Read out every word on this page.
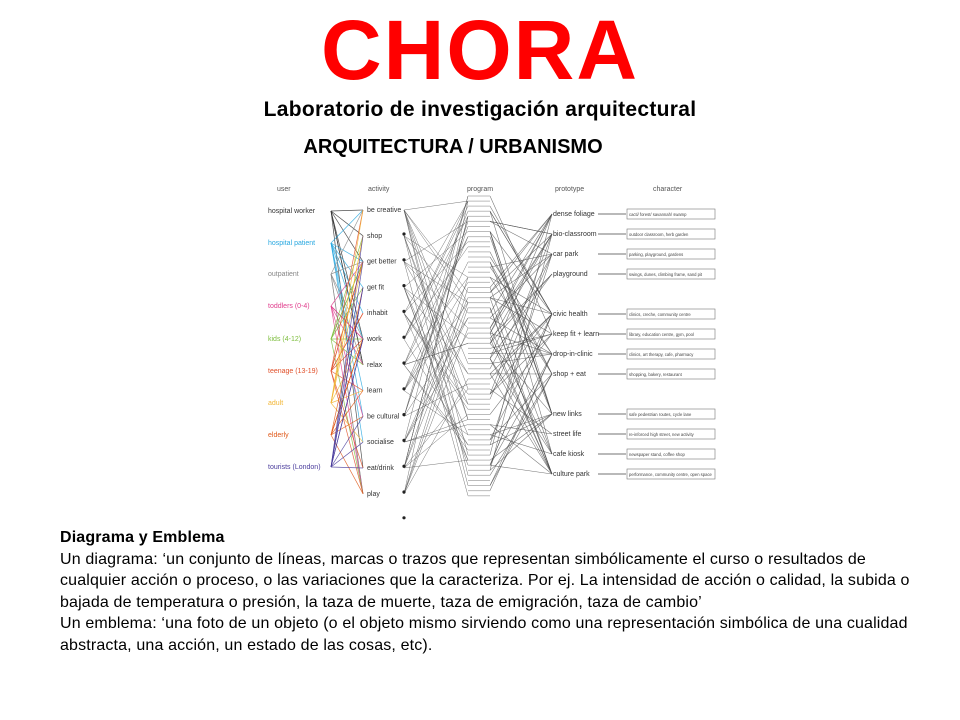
CHORA
Laboratorio de investigación arquitectural
ARQUITECTURA / URBANISMO
user	activity	program	prototype	character
hospital worker
hospital patient
outpatient
toddlers (0-4)
kids (4-12)
teenage (13-19)
adult
elderly
tourists (London)
be creative
shop
get better
get fit
inhabit
work
relax
learn
be cultural
socialise
eat/drink
play
dense foliage
bio-classroom
car park
playground
civic health
keep fit + learn
drop-in-clinic
shop + eat
new links
street life
cafe kiosk
culture park
cacti/ forest/ savannah/ swamp
outdoor classroom, herb garden
parking, playground, gardens
swings, dunes, climbing frame, sand pit
clinics, creche, community centre
library, education centre, gym, pool
clinics, art therapy, cafe, pharmacy
shopping, bakery, restaurant
safe pedestrian routes, cycle lane
re-inforced high street, new activity
newspaper stand, coffee shop
performance, community centre, open space

Diagrama y Emblema

Un diagrama: ‘un conjunto de líneas, marcas o trazos que representan simbólicamente el curso o resultados de cualquier acción o proceso, o las variaciones que la caracteriza. Por ej. La intensidad de acción o calidad, la subida o bajada de temperatura o presión, la taza de muerte, taza de emigración, taza de cambio’

Un emblema: ‘una foto de un objeto (o el objeto mismo sirviendo como una representación simbólica de una cualidad abstracta, una acción, un estado de las cosas, etc).
